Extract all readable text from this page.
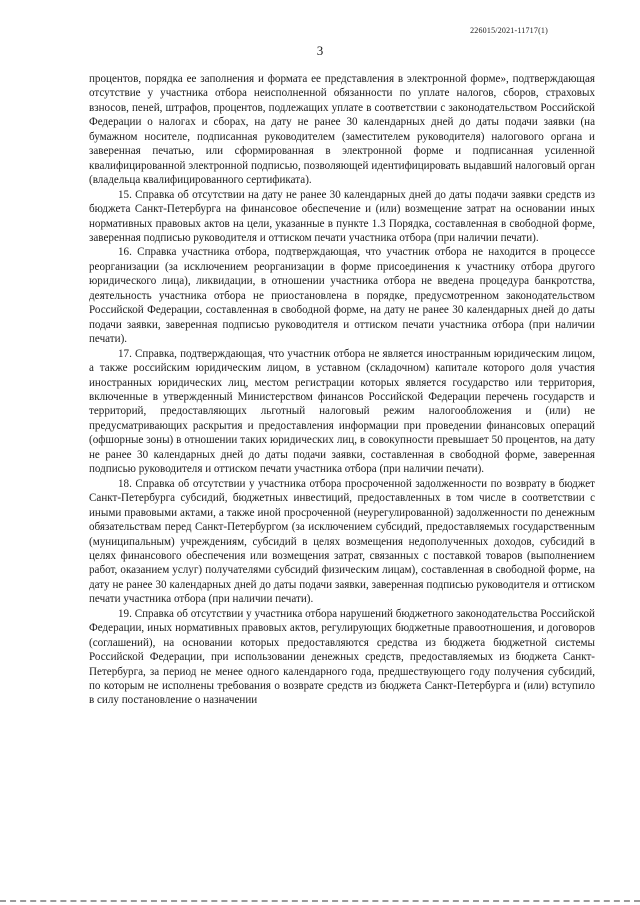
226015/2021-11717(1)
3

процентов, порядка ее заполнения и формата ее представления в электронной форме», подтверждающая отсутствие у участника отбора неисполненной обязанности по уплате налогов, сборов, страховых взносов, пеней, штрафов, процентов, подлежащих уплате в соответствии с законодательством Российской Федерации о налогах и сборах, на дату не ранее 30 календарных дней до даты подачи заявки (на бумажном носителе, подписанная руководителем (заместителем руководителя) налогового органа и заверенная печатью, или сформированная в электронной форме и подписанная усиленной квалифицированной электронной подписью, позволяющей идентифицировать выдавший налоговый орган (владельца квалифицированного сертификата).

15. Справка об отсутствии на дату не ранее 30 календарных дней до даты подачи заявки средств из бюджета Санкт-Петербурга на финансовое обеспечение и (или) возмещение затрат на основании иных нормативных правовых актов на цели, указанные в пункте 1.3 Порядка, составленная в свободной форме, заверенная подписью руководителя и оттиском печати участника отбора (при наличии печати).

16. Справка участника отбора, подтверждающая, что участник отбора не находится в процессе реорганизации (за исключением реорганизации в форме присоединения к участнику отбора другого юридического лица), ликвидации, в отношении участника отбора не введена процедура банкротства, деятельность участника отбора не приостановлена в порядке, предусмотренном законодательством Российской Федерации, составленная в свободной форме, на дату не ранее 30 календарных дней до даты подачи заявки, заверенная подписью руководителя и оттиском печати участника отбора (при наличии печати).

17. Справка, подтверждающая, что участник отбора не является иностранным юридическим лицом, а также российским юридическим лицом, в уставном (складочном) капитале которого доля участия иностранных юридических лиц, местом регистрации которых является государство или территория, включенные в утвержденный Министерством финансов Российской Федерации перечень государств и территорий, предоставляющих льготный налоговый режим налогообложения и (или) не предусматривающих раскрытия и предоставления информации при проведении финансовых операций (офшорные зоны) в отношении таких юридических лиц, в совокупности превышает 50 процентов, на дату не ранее 30 календарных дней до даты подачи заявки, составленная в свободной форме, заверенная подписью руководителя и оттиском печати участника отбора (при наличии печати).

18. Справка об отсутствии у участника отбора просроченной задолженности по возврату в бюджет Санкт-Петербурга субсидий, бюджетных инвестиций, предоставленных в том числе в соответствии с иными правовыми актами, а также иной просроченной (неурегулированной) задолженности по денежным обязательствам перед Санкт-Петербургом (за исключением субсидий, предоставляемых государственным (муниципальным) учреждениям, субсидий в целях возмещения недополученных доходов, субсидий в целях финансового обеспечения или возмещения затрат, связанных с поставкой товаров (выполнением работ, оказанием услуг) получателями субсидий физическим лицам), составленная в свободной форме, на дату не ранее 30 календарных дней до даты подачи заявки, заверенная подписью руководителя и оттиском печати участника отбора (при наличии печати).

19. Справка об отсутствии у участника отбора нарушений бюджетного законодательства Российской Федерации, иных нормативных правовых актов, регулирующих бюджетные правоотношения, и договоров (соглашений), на основании которых предоставляются средства из бюджета бюджетной системы Российской Федерации, при использовании денежных средств, предоставляемых из бюджета Санкт-Петербурга, за период не менее одного календарного года, предшествующего году получения субсидий, по которым не исполнены требования о возврате средств из бюджета Санкт-Петербурга и (или) вступило в силу постановление о назначении
